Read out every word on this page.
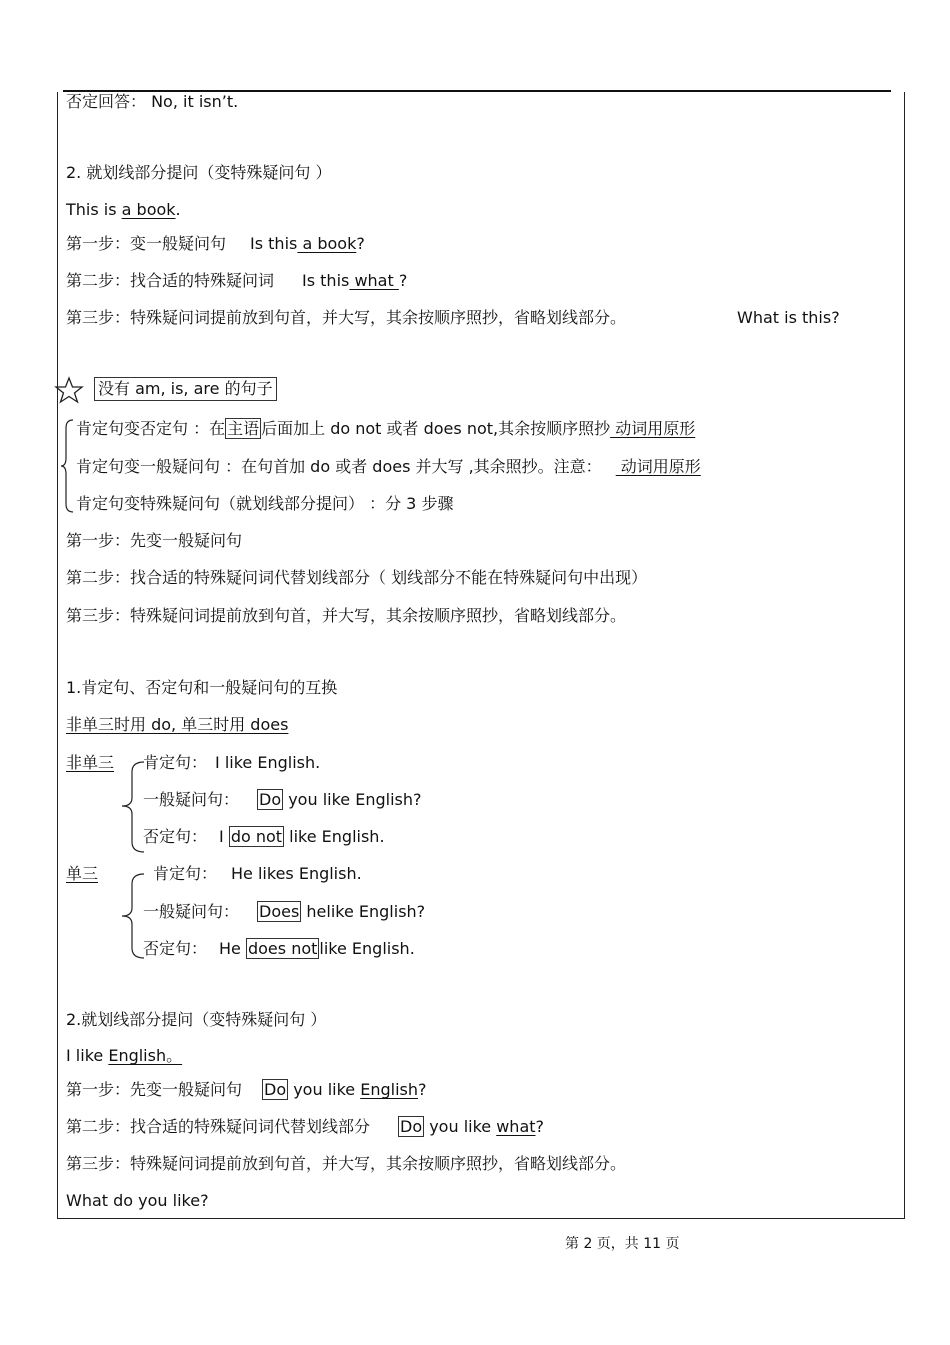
否定回答： No, it isn’t.
2. 就划线部分提问（变特殊疑问句 ）
This is a book.
第一步：变一般疑问句 Is this a book?
第二步：找合适的特殊疑问词 Is this what ?
第三步：特殊疑问词提前放到句首，并大写，其余按顺序照抄，省略划线部分。	What is this?
没有 am, is, are 的句子
肯定句变否定句 ：在 主语 后面加上 do not 或者 does not,其余按顺序照抄 动词用原形
肯定句变一般疑问句 ：在句首加 do 或者 does 并大写 ,其余照抄。注意： 动词用原形
肯定句变特殊疑问句（就划线部分提问） ：分 3 步骤
第一步：先变一般疑问句
第二步：找合适的特殊疑问词代替划线部分（ 划线部分不能在特殊疑问句中出现）
第三步：特殊疑问词提前放到句首，并大写，其余按顺序照抄，省略划线部分。
1.肯定句、否定句和一般疑问句的互换
非单三时用 do, 单三时用 does
非单三 肯定句： I like English.
一般疑问句： Do you like English?
否定句： I do not like English.
单三	肯定句： He likes English.
一般疑问句： Does helike English?
否定句： He does not like English.
2.就划线部分提问（变特殊疑问句 ）
I like English。
第一步：先变一般疑问句 Do you like English?
第二步：找合适的特殊疑问词代替划线部分 Do you like what?
第三步：特殊疑问词提前放到句首，并大写，其余按顺序照抄，省略划线部分。
What do you like?
第 2 页，共 11 页
